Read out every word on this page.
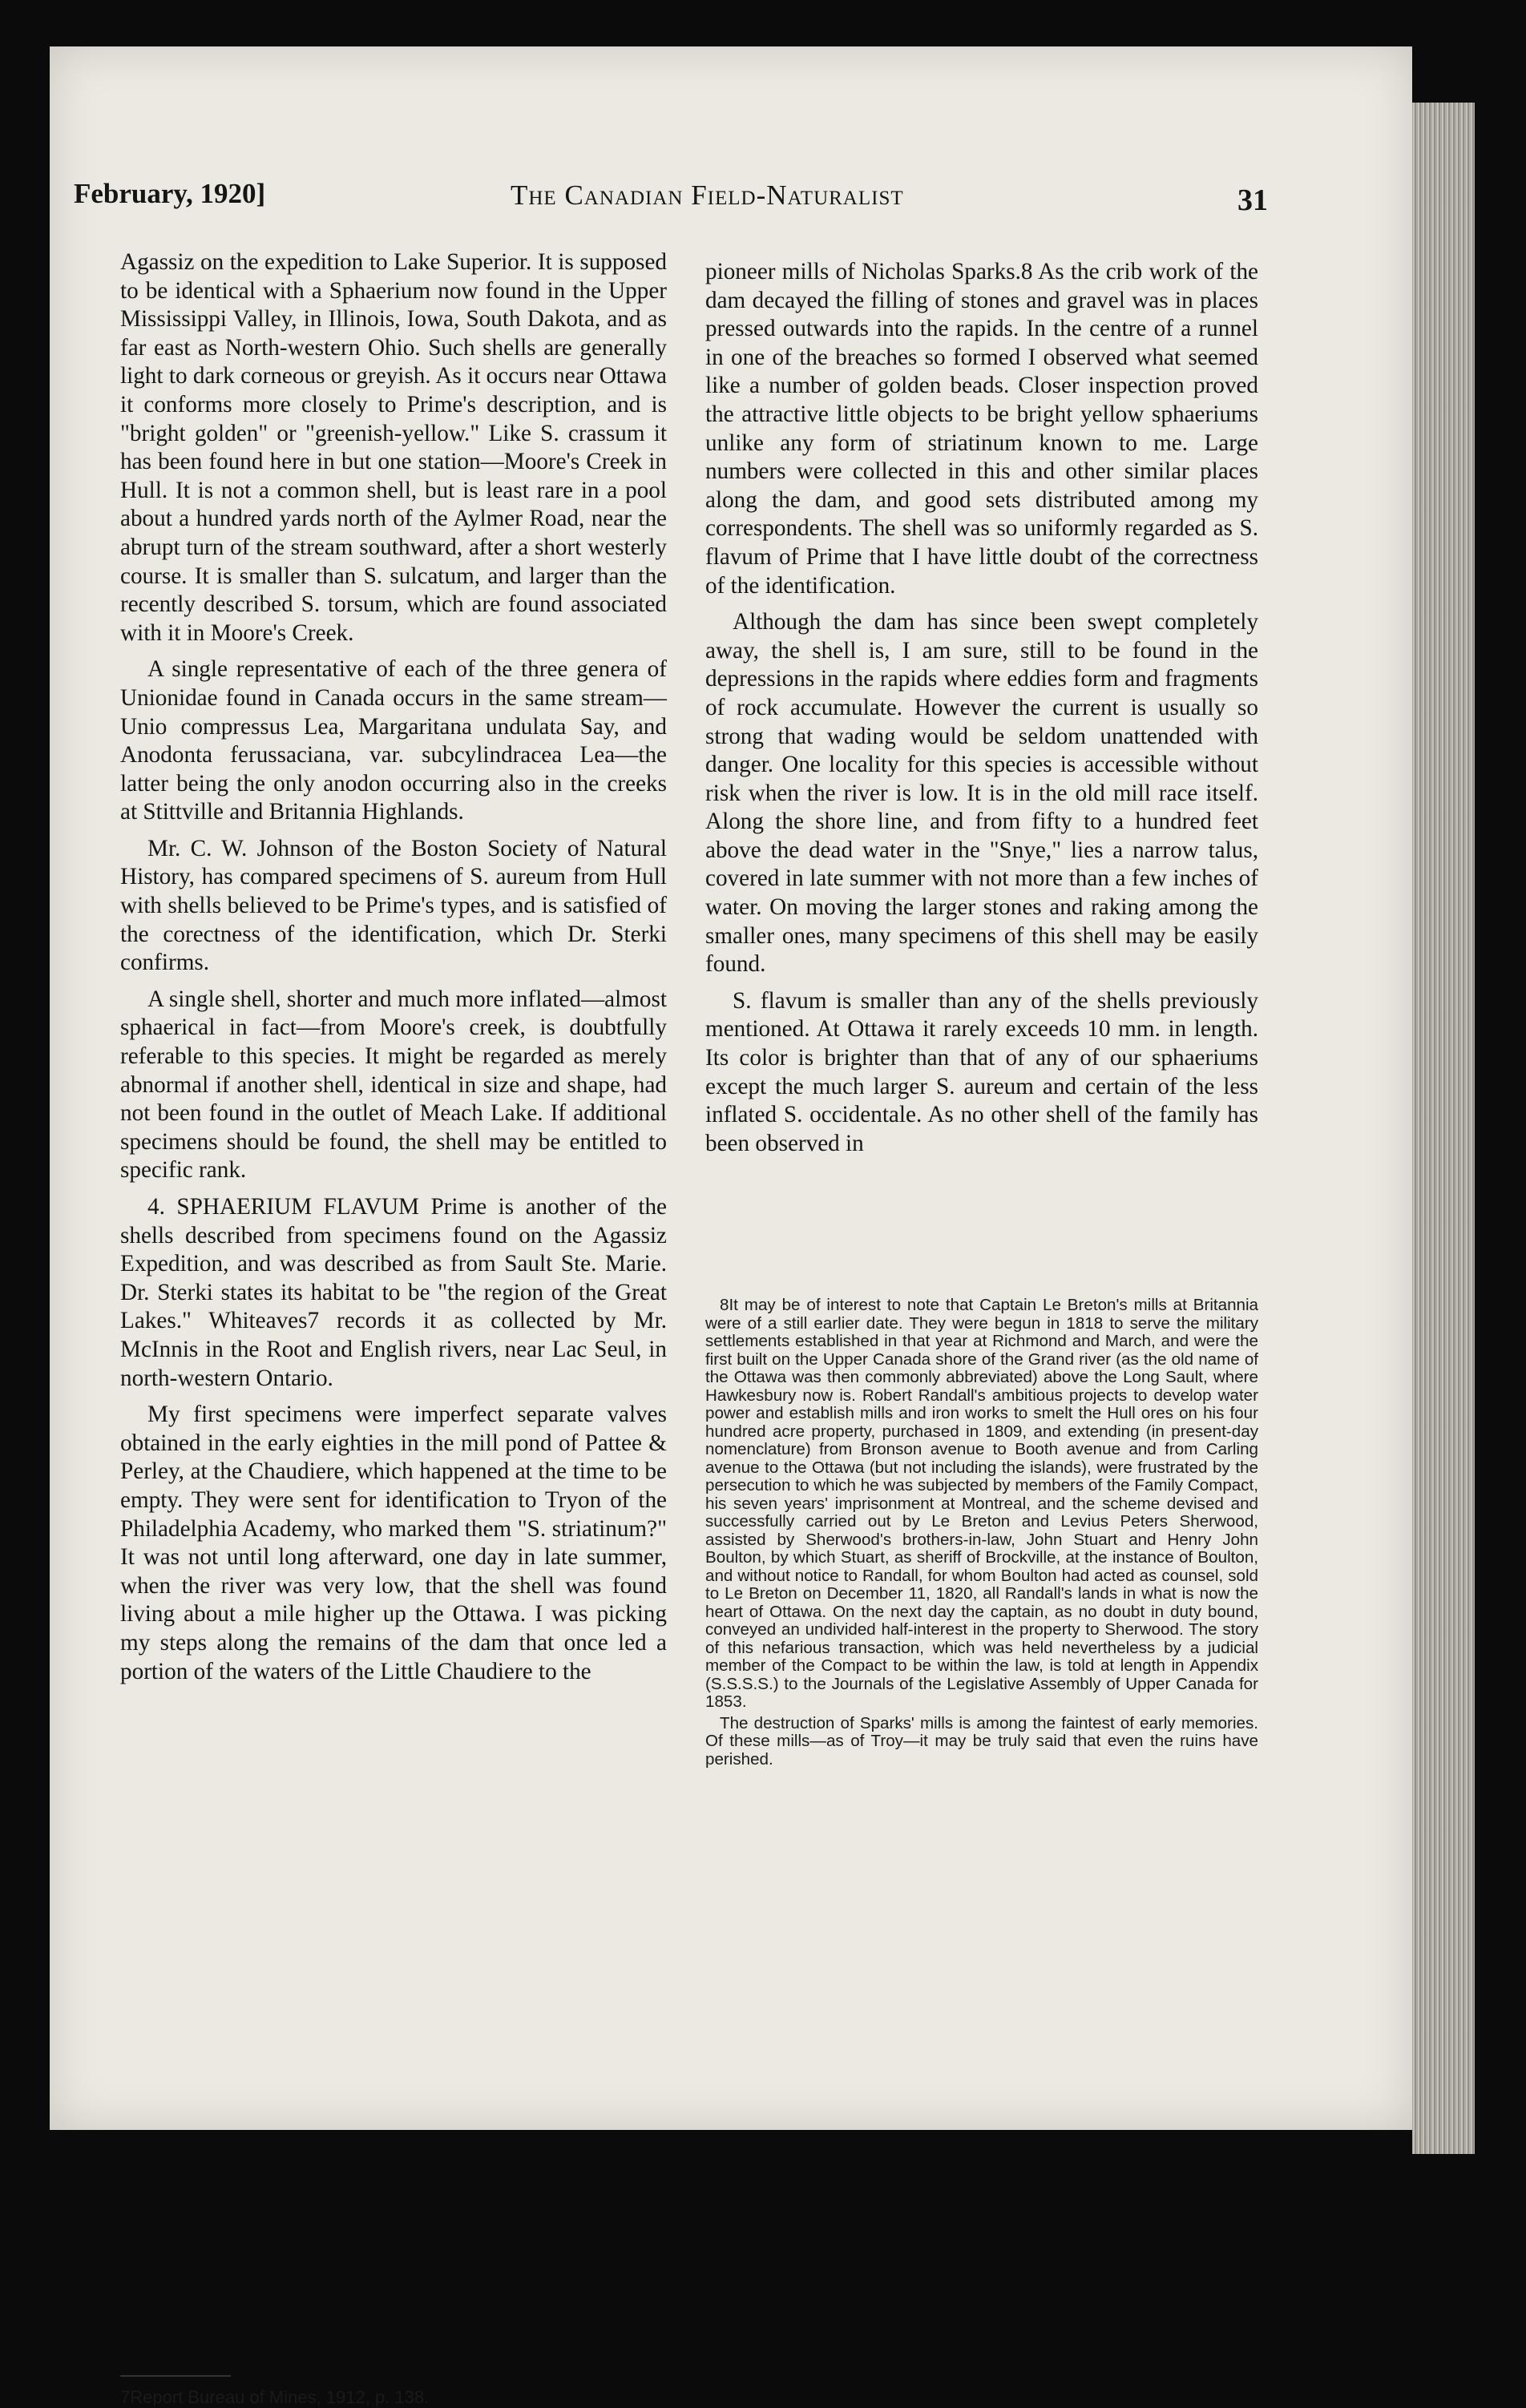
February, 1920]	The Canadian Field-Naturalist	31

Agassiz on the expedition to Lake Superior. It is supposed to be identical with a Sphaerium now found in the Upper Mississippi Valley, in Illinois, Iowa, South Dakota, and as far east as North-western Ohio. Such shells are generally light to dark corneous or greyish. As it occurs near Ottawa it conforms more closely to Prime's description, and is "bright golden" or "greenish-yellow." Like S. crassum it has been found here in but one station—Moore's Creek in Hull. It is not a common shell, but is least rare in a pool about a hundred yards north of the Aylmer Road, near the abrupt turn of the stream southward, after a short westerly course. It is smaller than S. sulcatum, and larger than the recently described S. torsum, which are found associated with it in Moore's Creek.

A single representative of each of the three genera of Unionidae found in Canada occurs in the same stream—Unio compressus Lea, Margaritana undulata Say, and Anodonta ferussaciana, var. subcylindracea Lea—the latter being the only anodon occurring also in the creeks at Stittville and Britannia Highlands.

Mr. C. W. Johnson of the Boston Society of Natural History, has compared specimens of S. aureum from Hull with shells believed to be Prime's types, and is satisfied of the corectness of the identification, which Dr. Sterki confirms.

A single shell, shorter and much more inflated—almost sphaerical in fact—from Moore's creek, is doubtfully referable to this species. It might be regarded as merely abnormal if another shell, identical in size and shape, had not been found in the outlet of Meach Lake. If additional specimens should be found, the shell may be entitled to specific rank.

4. SPHAERIUM FLAVUM Prime is another of the shells described from specimens found on the Agassiz Expedition, and was described as from Sault Ste. Marie. Dr. Sterki states its habitat to be "the region of the Great Lakes." Whiteaves7 records it as collected by Mr. McInnis in the Root and English rivers, near Lac Seul, in north-western Ontario.

My first specimens were imperfect separate valves obtained in the early eighties in the mill pond of Pattee & Perley, at the Chaudiere, which happened at the time to be empty. They were sent for identification to Tryon of the Philadelphia Academy, who marked them "S. striatinum?" It was not until long afterward, one day in late summer, when the river was very low, that the shell was found living about a mile higher up the Ottawa. I was picking my steps along the remains of the dam that once led a portion of the waters of the Little Chaudiere to the

7Report Bureau of Mines, 1912, p. 138.

pioneer mills of Nicholas Sparks.8 As the crib work of the dam decayed the filling of stones and gravel was in places pressed outwards into the rapids. In the centre of a runnel in one of the breaches so formed I observed what seemed like a number of golden beads. Closer inspection proved the attractive little objects to be bright yellow sphaeriums unlike any form of striatinum known to me. Large numbers were collected in this and other similar places along the dam, and good sets distributed among my correspondents. The shell was so uniformly regarded as S. flavum of Prime that I have little doubt of the correctness of the identification.

Although the dam has since been swept completely away, the shell is, I am sure, still to be found in the depressions in the rapids where eddies form and fragments of rock accumulate. However the current is usually so strong that wading would be seldom unattended with danger. One locality for this species is accessible without risk when the river is low. It is in the old mill race itself. Along the shore line, and from fifty to a hundred feet above the dead water in the "Snye," lies a narrow talus, covered in late summer with not more than a few inches of water. On moving the larger stones and raking among the smaller ones, many specimens of this shell may be easily found.

S. flavum is smaller than any of the shells previously mentioned. At Ottawa it rarely exceeds 10 mm. in length. Its color is brighter than that of any of our sphaeriums except the much larger S. aureum and certain of the less inflated S. occidentale. As no other shell of the family has been observed in

8It may be of interest to note that Captain Le Breton's mills at Britannia were of a still earlier date. They were begun in 1818 to serve the military settlements established in that year at Richmond and March, and were the first built on the Upper Canada shore of the Grand river (as the old name of the Ottawa was then commonly abbreviated) above the Long Sault, where Hawkesbury now is. Robert Randall's ambitious projects to develop water power and establish mills and iron works to smelt the Hull ores on his four hundred acre property, purchased in 1809, and extending (in present-day nomenclature) from Bronson avenue to Booth avenue and from Carling avenue to the Ottawa (but not including the islands), were frustrated by the persecution to which he was subjected by members of the Family Compact, his seven years' imprisonment at Montreal, and the scheme devised and successfully carried out by Le Breton and Levius Peters Sherwood, assisted by Sherwood's brothers-in-law, John Stuart and Henry John Boulton, by which Stuart, as sheriff of Brockville, at the instance of Boulton, and without notice to Randall, for whom Boulton had acted as counsel, sold to Le Breton on December 11, 1820, all Randall's lands in what is now the heart of Ottawa. On the next day the captain, as no doubt in duty bound, conveyed an undivided half-interest in the property to Sherwood. The story of this nefarious transaction, which was held nevertheless by a judicial member of the Compact to be within the law, is told at length in Appendix (S.S.S.S.) to the Journals of the Legislative Assembly of Upper Canada for 1853.

The destruction of Sparks' mills is among the faintest of early memories. Of these mills—as of Troy—it may be truly said that even the ruins have perished.
